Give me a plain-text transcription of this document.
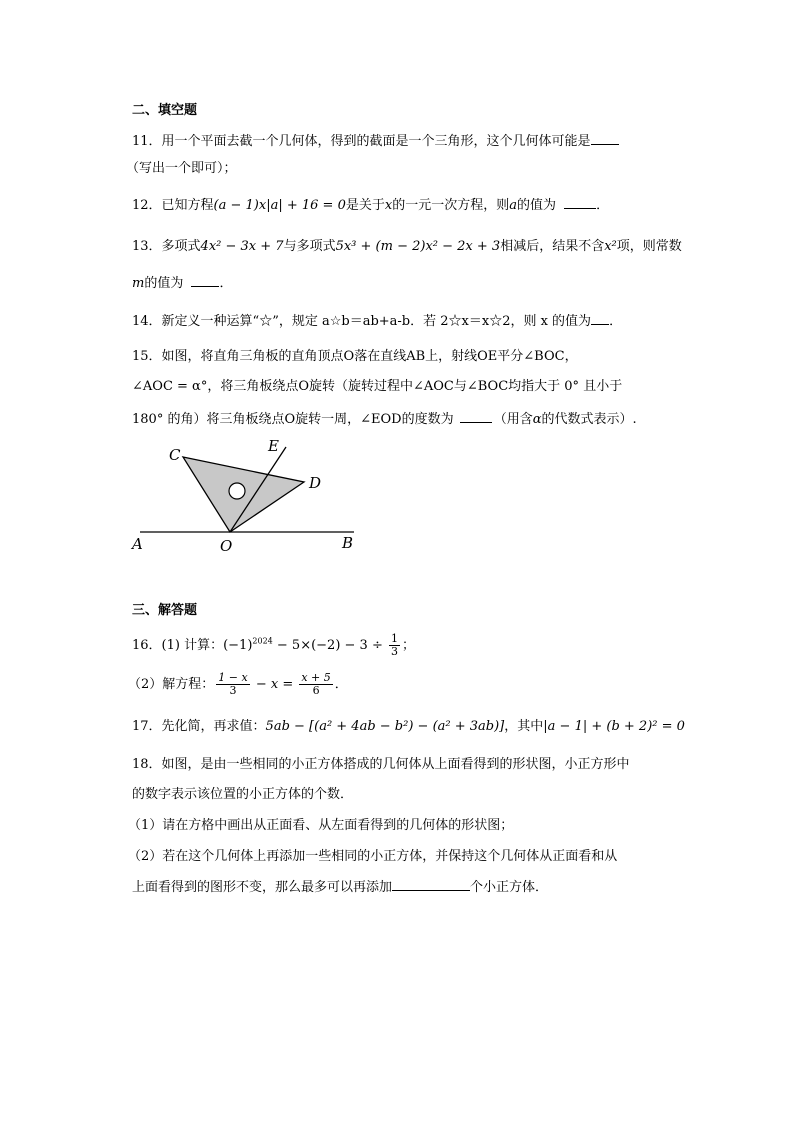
二、填空题
11．用一个平面去截一个几何体，得到的截面是一个三角形，这个几何体可能是
（写出一个即可）；
12．已知方程(a − 1)x|a| + 16 = 0是关于x的一元一次方程，则a的值为	．
13．多项式4x² − 3x + 7与多项式5x³ + (m − 2)x² − 2x + 3相减后，结果不含x²项，则常数
m的值为	．
14．新定义一种运算“☆”，规定 a☆b＝ab+a-b．若 2☆x＝x☆2，则 x 的值为 ．
15．如图，将直角三角板的直角顶点O落在直线AB上，射线OE平分∠BOC，
∠AOC = α°，将三角板绕点O旋转（旋转过程中∠AOC与∠BOC均指大于 0° 且小于
180° 的角）将三角板绕点O旋转一周，∠EOD的度数为	（用含α的代数式表示）.
C	E
D
A	O	B
三、解答题
16．(1) 计算：$(-1)^{2024} - 5\times(-2) - 3 \div \frac{1}{3}$ ；
（2）解方程： $\frac{1 - x}{3} - x = \frac{x + 5}{6}$ ．
17．先化简，再求值：5ab − [(a² + 4ab − b²) − (a² + 3ab)]，其中|a − 1| + (b + 2)² = 0
18．如图，是由一些相同的小正方体搭成的几何体从上面看得到的形状图，小正方形中
的数字表示该位置的小正方体的个数．
（1）请在方格中画出从正面看、从左面看得到的几何体的形状图；
（2）若在这个几何体上再添加一些相同的小正方体，并保持这个几何体从正面看和从
上面看得到的图形不变，那么最多可以再添加	个小正方体．
